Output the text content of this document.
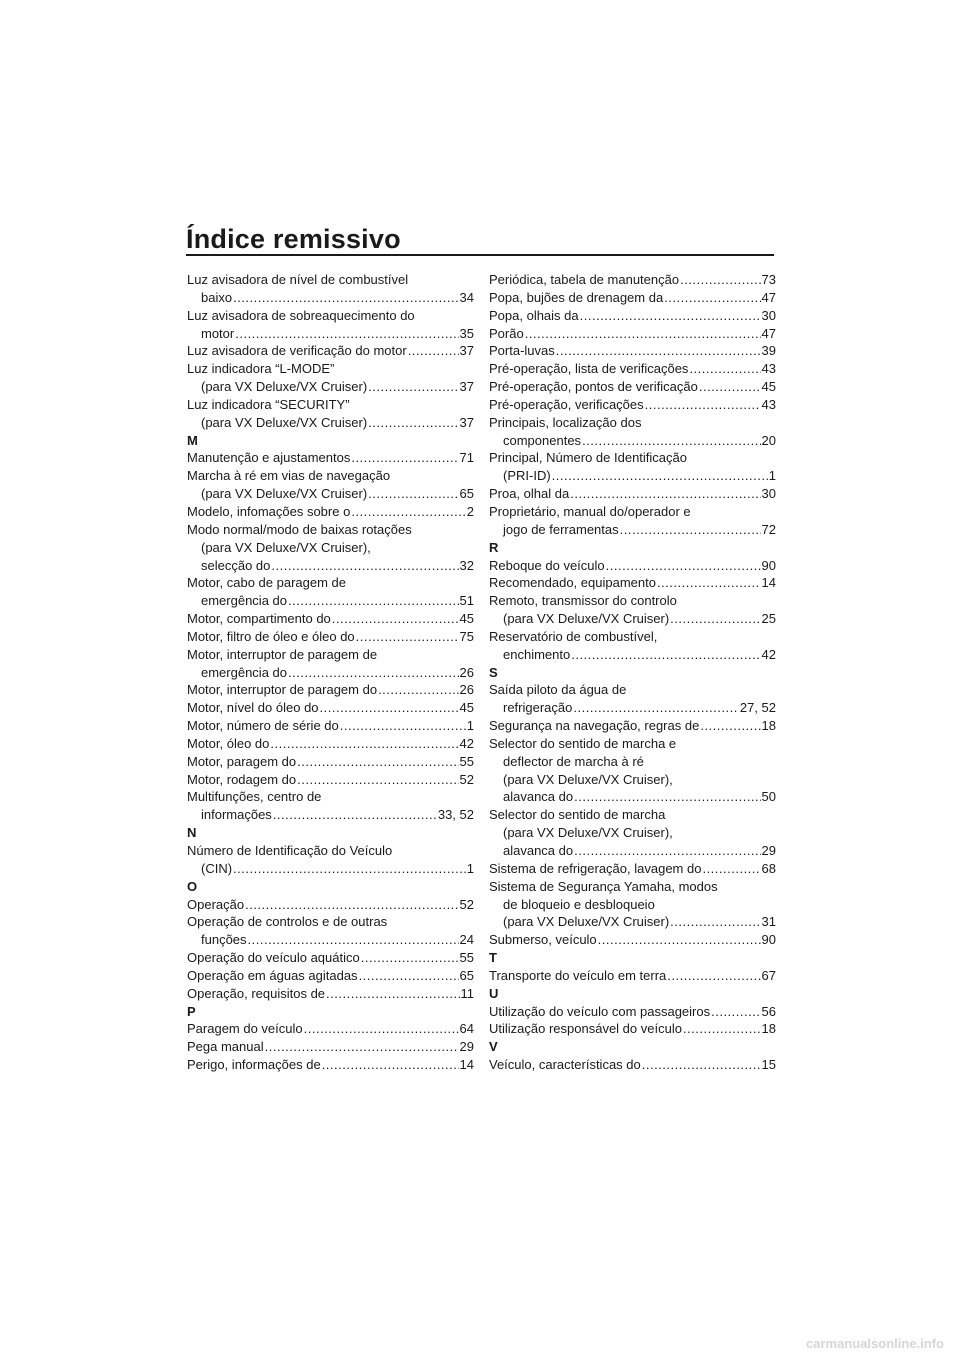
Índice remissivo
Luz avisadora de nível de combustível
baixo .....	34
Luz avisadora de sobreaquecimento do
motor .....	35
Luz avisadora de verificação do motor .....	37
Luz indicadora “L-MODE”
(para VX Deluxe/VX Cruiser) .....	37
Luz indicadora “SECURITY”
(para VX Deluxe/VX Cruiser) .....	37
M
Manutenção e ajustamentos .....	71
Marcha à ré em vias de navegação
(para VX Deluxe/VX Cruiser) .....	65
Modelo, infomações sobre o .....	2
Modo normal/modo de baixas rotações
(para VX Deluxe/VX Cruiser),
selecção do .....	32
Motor, cabo de paragem de
emergência do .....	51
Motor, compartimento do .....	45
Motor, filtro de óleo e óleo do .....	75
Motor, interruptor de paragem de
emergência do .....	26
Motor, interruptor de paragem do .....	26
Motor, nível do óleo do .....	45
Motor, número de série do .....	1
Motor, óleo do .....	42
Motor, paragem do .....	55
Motor, rodagem do .....	52
Multifunções, centro de
informações .....	33, 52
N
Número de Identificação do Veículo
(CIN) .....	1
O
Operação .....	52
Operação de controlos e de outras
funções .....	24
Operação do veículo aquático .....	55
Operação em águas agitadas .....	65
Operação, requisitos de .....	11
P
Paragem do veículo .....	64
Pega manual .....	29
Perigo, informações de .....	14
Periódica, tabela de manutenção .....	73
Popa, bujões de drenagem da .....	47
Popa, olhais da .....	30
Porão .....	47
Porta-luvas .....	39
Pré-operação, lista de verificações .....	43
Pré-operação, pontos de verificação .....	45
Pré-operação, verificações .....	43
Principais, localização dos
componentes .....	20
Principal, Número de Identificação
(PRI-ID) .....	1
Proa, olhal da .....	30
Proprietário, manual do/operador e
jogo de ferramentas .....	72
R
Reboque do veículo .....	90
Recomendado, equipamento .....	14
Remoto, transmissor do controlo
(para VX Deluxe/VX Cruiser) .....	25
Reservatório de combustível,
enchimento .....	42
S
Saída piloto da água de
refrigeração .....	27, 52
Segurança na navegação, regras de .....	18
Selector do sentido de marcha e
deflector de marcha à ré
(para VX Deluxe/VX Cruiser),
alavanca do .....	50
Selector do sentido de marcha
(para VX Deluxe/VX Cruiser),
alavanca do .....	29
Sistema de refrigeração, lavagem do .....	68
Sistema de Segurança Yamaha, modos
de bloqueio e desbloqueio
(para VX Deluxe/VX Cruiser) .....	31
Submerso, veículo .....	90
T
Transporte do veículo em terra .....	67
U
Utilização do veículo com passageiros .....	56
Utilização responsável do veículo .....	18
V
Veículo, características do .....	15
carmanualsonline.info
